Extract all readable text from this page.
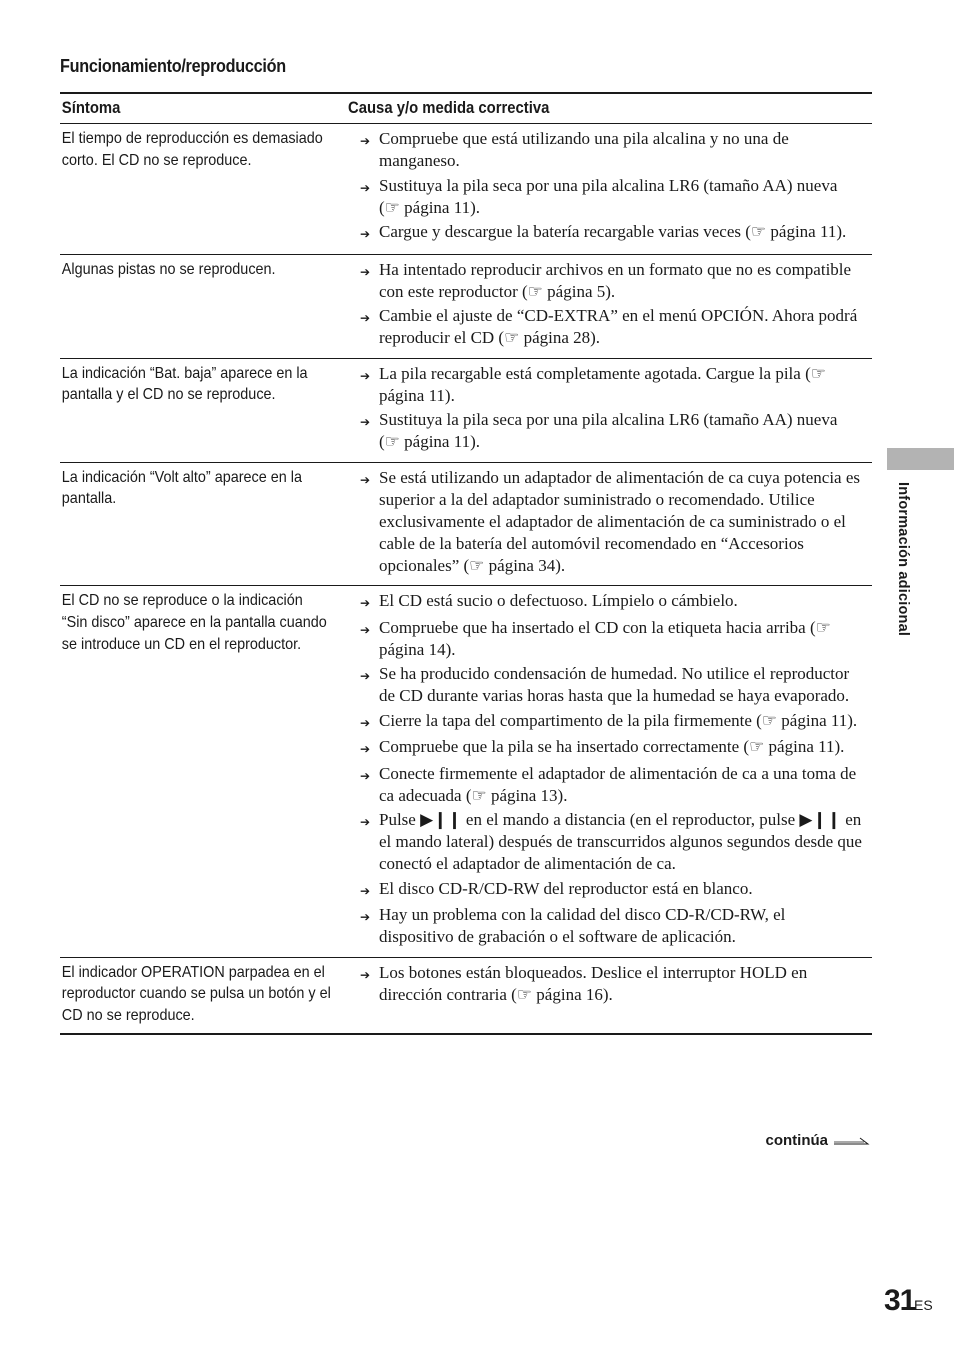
Funcionamiento/reproducción
Síntoma	Causa y/o medida correctiva
El tiempo de reproducción es demasiado corto. El CD no se reproduce.
➔ Compruebe que está utilizando una pila alcalina y no una de manganeso.
➔ Sustituya la pila seca por una pila alcalina LR6 (tamaño AA) nueva (☞ página 11).
➔ Cargue y descargue la batería recargable varias veces (☞ página 11).
Algunas pistas no se reproducen.	➔ Ha intentado reproducir archivos en un formato que no es compatible con este reproductor (☞ página 5).
➔ Cambie el ajuste de “CD-EXTRA” en el menú OPCIÓN. Ahora podrá reproducir el CD (☞ página 28).
La indicación “Bat. baja” aparece en la pantalla y el CD no se reproduce.
➔ La pila recargable está completamente agotada. Cargue la pila (☞ página 11).
➔ Sustituya la pila seca por una pila alcalina LR6 (tamaño AA) nueva (☞ página 11).
La indicación “Volt alto” aparece en la pantalla.
➔ Se está utilizando un adaptador de alimentación de ca cuya potencia es superior a la del adaptador suministrado o recomendado. Utilice exclusivamente el adaptador de alimentación de ca suministrado o el cable de la batería del automóvil recomendado en “Accesorios opcionales” (☞ página 34).
El CD no se reproduce o la indicación “Sin disco” aparece en la pantalla cuando se introduce un CD en el reproductor.
➔ El CD está sucio o defectuoso. Límpielo o cámbielo.
➔ Compruebe que ha insertado el CD con la etiqueta hacia arriba (☞ página 14).
➔ Se ha producido condensación de humedad. No utilice el reproductor de CD durante varias horas hasta que la humedad se haya evaporado.
➔ Cierre la tapa del compartimento de la pila firmemente (☞ página 11).
➔ Compruebe que la pila se ha insertado correctamente (☞ página 11).
➔ Conecte firmemente el adaptador de alimentación de ca a una toma de ca adecuada (☞ página 13).
➔ Pulse ▶❙❙ en el mando a distancia (en el reproductor, pulse ▶❙❙ en el mando lateral) después de transcurridos algunos segundos desde que conectó el adaptador de alimentación de ca.
➔ El disco CD-R/CD-RW del reproductor está en blanco.
➔ Hay un problema con la calidad del disco CD-R/CD-RW, el dispositivo de grabación o el software de aplicación.
El indicador OPERATION parpadea en el reproductor cuando se pulsa un botón y el CD no se reproduce.
➔ Los botones están bloqueados. Deslice el interruptor HOLD en dirección contraria (☞ página 16).
continúa
Información adicional
31
ES
